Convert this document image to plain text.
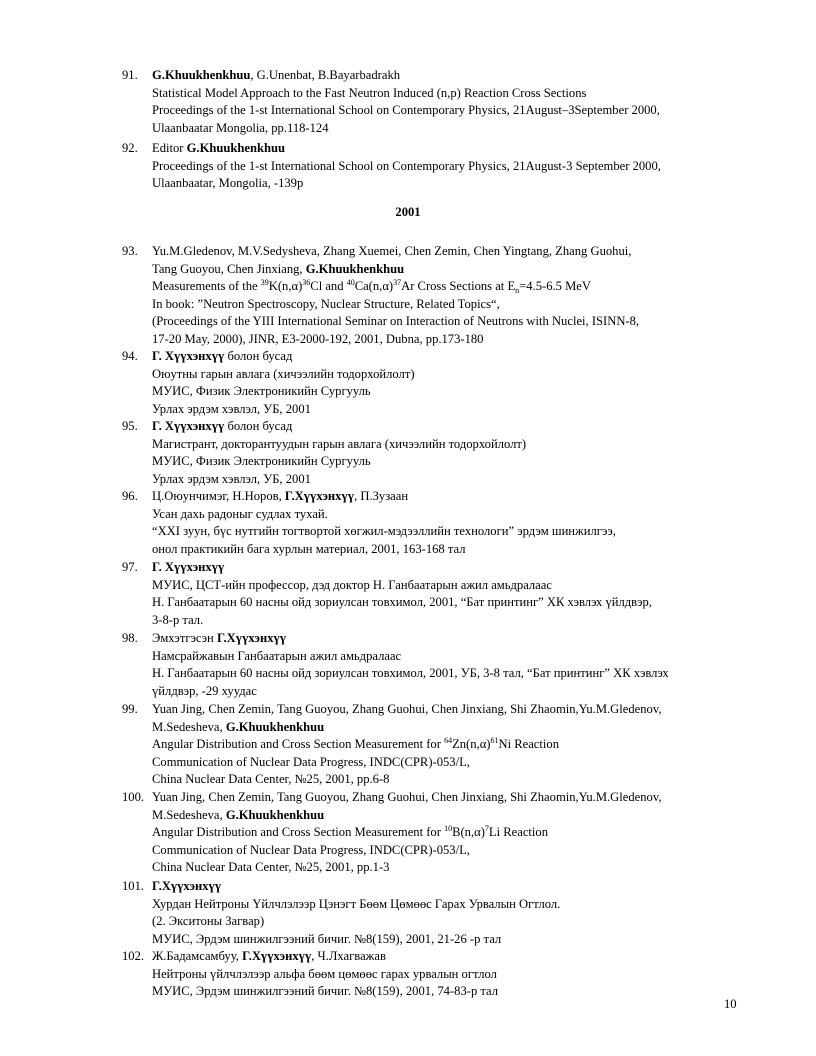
91. G.Khuukhenkhuu, G.Unenbat, B.Bayarbadrakh
Statistical Model Approach to the Fast Neutron Induced (n,p) Reaction Cross Sections
Proceedings of the 1-st International School on Contemporary Physics, 21August–3September 2000,
Ulaanbaatar Mongolia, pp.118-124
92. Editor G.Khuukhenkhuu
Proceedings of the 1-st International School on Contemporary Physics, 21August-3 September 2000,
Ulaanbaatar, Mongolia, -139p
2001
93. Yu.M.Gledenov, M.V.Sedysheva, Zhang Xuemei, Chen Zemin, Chen Yingtang, Zhang Guohui,
Tang Guoyou, Chen Jinxiang, G.Khuukhenkhuu
Measurements of the $^{39}K(n,\alpha)^{36}Cl$ and $^{40}Ca(n,\alpha)^{37}Ar$ Cross Sections at $E_n=4.5-6.5$ MeV
In book: ”Neutron Spectroscopy, Nuclear Structure, Related Topics“,
(Proceedings of the YIII International Seminar on Interaction of Neutrons with Nuclei, ISINN-8,
17-20 May, 2000), JINR, E3-2000-192, 2001, Dubna, pp.173-180
94. Г. Хүүхэнхүү болон бусад
Оюутны гарын авлага (хичээлийн тодорхойлолт)
МУИС, Физик Электроникийн Сургууль
Урлах эрдэм хэвлэл, УБ, 2001
95. Г. Хүүхэнхүү болон бусад
Магистрант, докторантуудын гарын авлага (хичээлийн тодорхойлолт)
МУИС, Физик Электроникийн Сургууль
Урлах эрдэм хэвлэл, УБ, 2001
96. Ц.Оюунчимэг, Н.Норов, Г.Хүүхэнхүү, П.Зузаан
Усан дахь радоныг судлах тухай.
“XXI зуун, бүс нутгийн тогтвортой хөгжил-мэдээллийн технологи” эрдэм шинжилгээ,
онол практикийн бага хурлын материал, 2001, 163-168 тал
97. Г. Хүүхэнхүү
МУИС, ЦСТ-ийн профессор, дэд доктор Н. Ганбаатарын ажил амьдралаас
Н. Ганбаатарын 60 насны ойд зориулсан товхимол, 2001, “Бат принтинг” ХК хэвлэх үйлдвэр,
3-8-р тал.
98. Эмхэтгэсэн Г.Хүүхэнхүү
Намсрайжавын Ганбаатарын ажил амьдралаас
Н. Ганбаатарын 60 насны ойд зориулсан товхимол, 2001, УБ, 3-8 тал, “Бат принтинг” ХК хэвлэх
үйлдвэр, -29 хуудас
99. Yuan Jing, Chen Zemin, Tang Guoyou, Zhang Guohui, Chen Jinxiang, Shi Zhaomin,Yu.M.Gledenov,
M.Sedesheva, G.Khuukhenkhuu
Angular Distribution and Cross Section Measurement for $^{64}Zn(n,\alpha)^{61}Ni$ Reaction
Communication of Nuclear Data Progress, INDC(CPR)-053/L,
China Nuclear Data Center, №25, 2001, pp.6-8
100. Yuan Jing, Chen Zemin, Tang Guoyou, Zhang Guohui, Chen Jinxiang, Shi Zhaomin,Yu.M.Gledenov,
M.Sedesheva, G.Khuukhenkhuu
Angular Distribution and Cross Section Measurement for $^{10}B(n,\alpha)^7Li$ Reaction
Communication of Nuclear Data Progress, INDC(CPR)-053/L,
China Nuclear Data Center, №25, 2001, pp.1-3
101. Г.Хүүхэнхүү
Хурдан Нейтроны Үйлчлэлээр Цэнэгт Бөөм Цөмөөс Гарах Урвалын Огтлол.
(2. Экситоны Загвар)
МУИС, Эрдэм шинжилгээний бичиг. №8(159), 2001, 21-26 -р тал
102. Ж.Бадамсамбуу, Г.Хүүхэнхүү, Ч.Лхагважав
Нейтроны үйлчлэлээр альфа бөөм цөмөөс гарах урвалын огтлол
МУИС, Эрдэм шинжилгээний бичиг. №8(159), 2001, 74-83-р тал
10
